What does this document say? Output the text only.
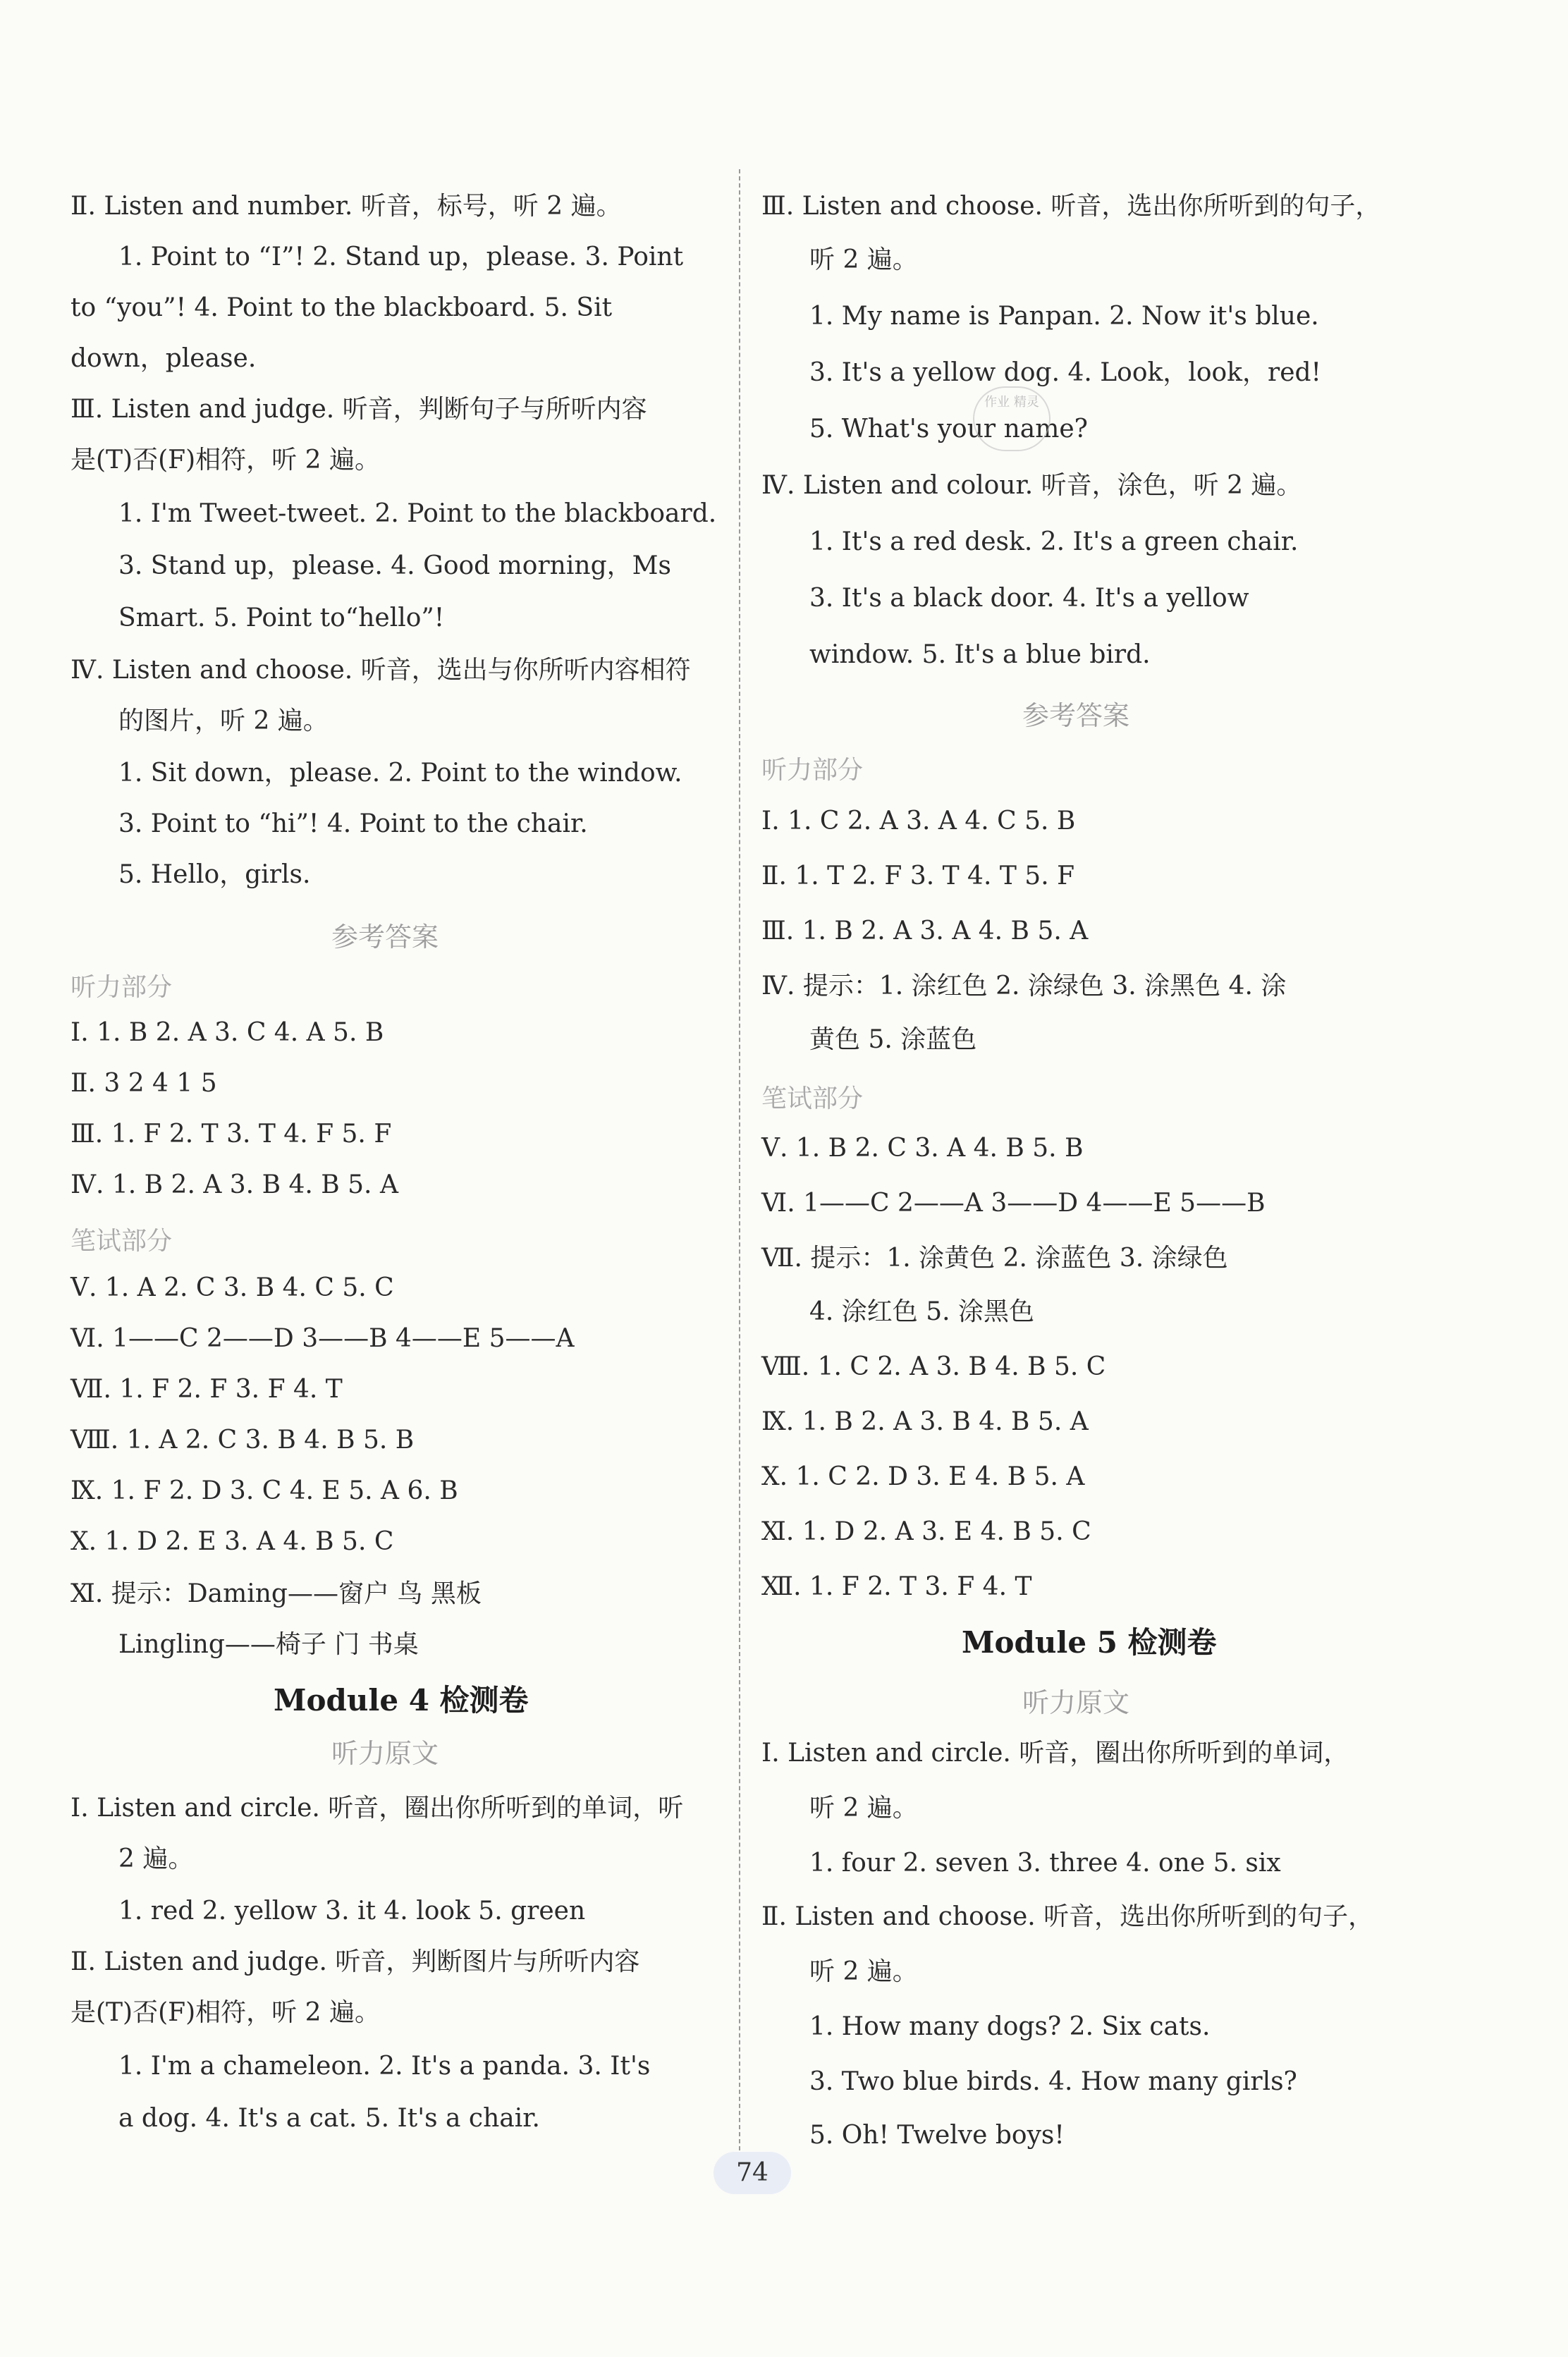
Ⅱ. Listen and number. 听音，标号，听 2 遍。
1. Point to “I”! 2. Stand up，please. 3. Point
to “you”! 4. Point to the blackboard. 5. Sit
down，please.
Ⅲ. Listen and judge. 听音，判断句子与所听内容
是(T)否(F)相符，听 2 遍。
1. I'm Tweet-tweet. 2. Point to the blackboard.
3. Stand up，please. 4. Good morning，Ms
Smart. 5. Point to“hello”!
Ⅳ. Listen and choose. 听音，选出与你所听内容相符
的图片，听 2 遍。
1. Sit down，please. 2. Point to the window.
3. Point to “hi”! 4. Point to the chair.
5. Hello，girls.
参考答案
听力部分
Ⅰ. 1. B 2. A 3. C 4. A 5. B
Ⅱ. 3 2 4 1 5
Ⅲ. 1. F 2. T 3. T 4. F 5. F
Ⅳ. 1. B 2. A 3. B 4. B 5. A
笔试部分
Ⅴ. 1. A 2. C 3. B 4. C 5. C
Ⅵ. 1——C 2——D 3——B 4——E 5——A
Ⅶ. 1. F 2. F 3. F 4. T
Ⅷ. 1. A 2. C 3. B 4. B 5. B
Ⅸ. 1. F 2. D 3. C 4. E 5. A 6. B
Ⅹ. 1. D 2. E 3. A 4. B 5. C
Ⅺ. 提示：Daming——窗户 鸟 黑板
Lingling——椅子 门 书桌
Module 4 检测卷
听力原文
Ⅰ. Listen and circle. 听音，圈出你所听到的单词，听
2 遍。
1. red 2. yellow 3. it 4. look 5. green
Ⅱ. Listen and judge. 听音，判断图片与所听内容
是(T)否(F)相符，听 2 遍。
1. I'm a chameleon. 2. It's a panda. 3. It's
a dog. 4. It's a cat. 5. It's a chair.
Ⅲ. Listen and choose. 听音，选出你所听到的句子，
听 2 遍。
1. My name is Panpan. 2. Now it's blue.
3. It's a yellow dog. 4. Look，look，red!
5. What's your name?
Ⅳ. Listen and colour. 听音，涂色，听 2 遍。
1. It's a red desk. 2. It's a green chair.
3. It's a black door. 4. It's a yellow
window. 5. It's a blue bird.
参考答案
听力部分
Ⅰ. 1. C 2. A 3. A 4. C 5. B
Ⅱ. 1. T 2. F 3. T 4. T 5. F
Ⅲ. 1. B 2. A 3. A 4. B 5. A
Ⅳ. 提示：1. 涂红色 2. 涂绿色 3. 涂黑色 4. 涂
黄色 5. 涂蓝色
笔试部分
Ⅴ. 1. B 2. C 3. A 4. B 5. B
Ⅵ. 1——C 2——A 3——D 4——E 5——B
Ⅶ. 提示：1. 涂黄色 2. 涂蓝色 3. 涂绿色
4. 涂红色 5. 涂黑色
Ⅷ. 1. C 2. A 3. B 4. B 5. C
Ⅸ. 1. B 2. A 3. B 4. B 5. A
Ⅹ. 1. C 2. D 3. E 4. B 5. A
Ⅺ. 1. D 2. A 3. E 4. B 5. C
Ⅻ. 1. F 2. T 3. F 4. T
Module 5 检测卷
听力原文
Ⅰ. Listen and circle. 听音，圈出你所听到的单词，
听 2 遍。
1. four 2. seven 3. three 4. one 5. six
Ⅱ. Listen and choose. 听音，选出你所听到的句子，
听 2 遍。
1. How many dogs? 2. Six cats.
3. Two blue birds. 4. How many girls?
5. Oh! Twelve boys!
作业 精灵
74
